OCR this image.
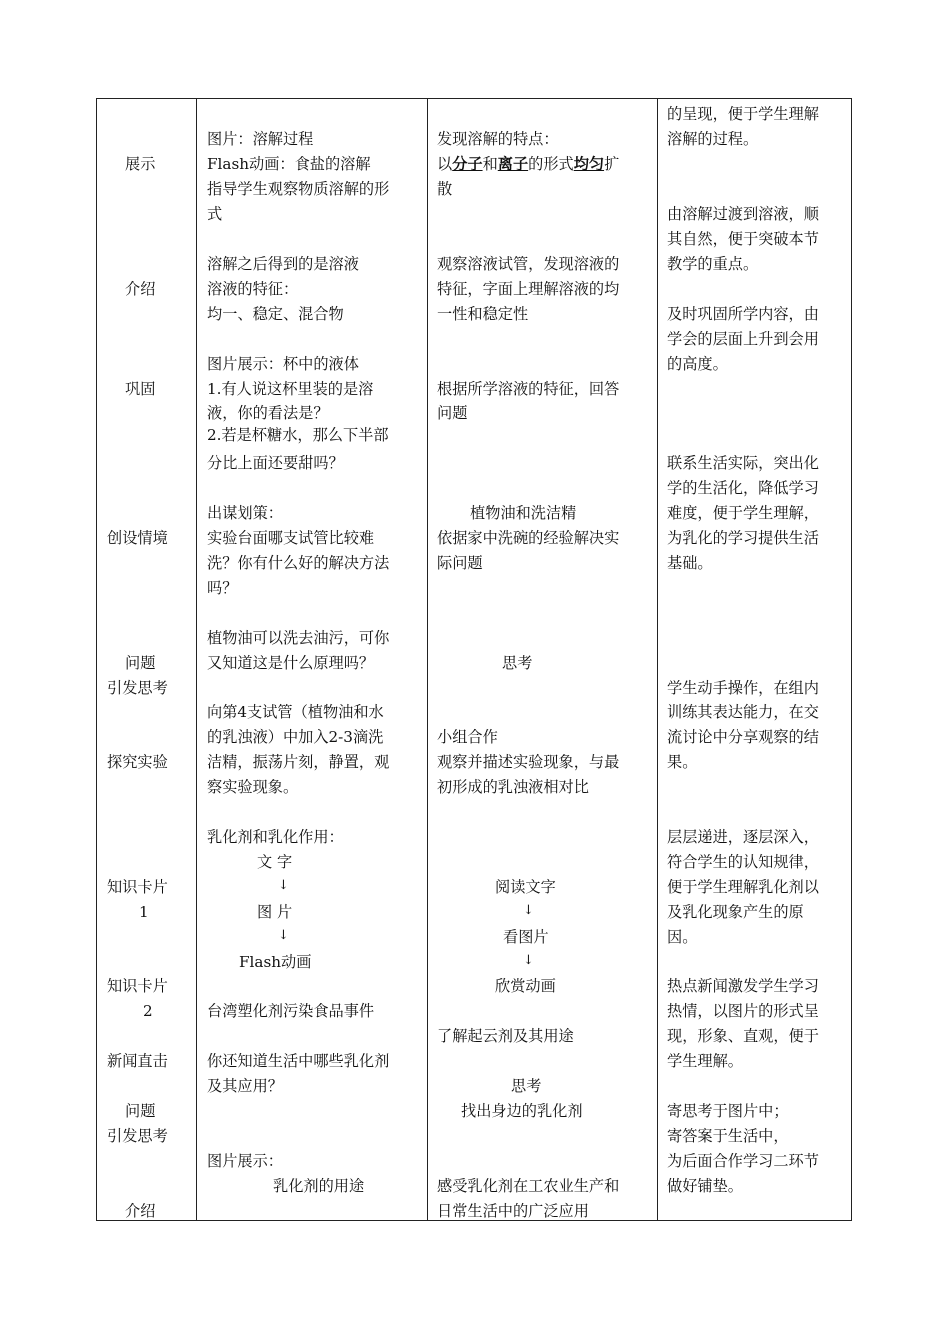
展示
介绍
巩固
创设情境
问题
引发思考
探究实验
知识卡片
1
知识卡片
2
新闻直击
问题
引发思考
介绍
图片：溶解过程
Flash动画：食盐的溶解
指导学生观察物质溶解的形
式
溶解之后得到的是溶液
溶液的特征：
均一、稳定、混合物
图片展示：杯中的液体
1.有人说这杯里装的是溶
液，你的看法是？
2.若是杯糖水，那么下半部
分比上面还要甜吗？
出谋划策：
实验台面哪支试管比较难
洗？你有什么好的解决方法
吗？
植物油可以洗去油污，可你
又知道这是什么原理吗？
向第4支试管（植物油和水
的乳浊液）中加入2-3滴洗
洁精，振荡片刻，静置，观
察实验现象。
乳化剂和乳化作用：
文 字
↓
图 片
↓
Flash动画
台湾塑化剂污染食品事件
你还知道生活中哪些乳化剂
及其应用？
图片展示：
乳化剂的用途
发现溶解的特点：
以分子和离子的形式均匀扩
散
观察溶液试管，发现溶液的
特征，字面上理解溶液的均
一性和稳定性
根据所学溶液的特征，回答
问题
植物油和洗洁精
依据家中洗碗的经验解决实
际问题
思考
小组合作
观察并描述实验现象，与最
初形成的乳浊液相对比
阅读文字
↓
看图片
↓
欣赏动画
了解起云剂及其用途
思考
找出身边的乳化剂
感受乳化剂在工农业生产和
日常生活中的广泛应用
的呈现，便于学生理解
溶解的过程。
由溶解过渡到溶液，顺
其自然，便于突破本节
教学的重点。
及时巩固所学内容，由
学会的层面上升到会用
的高度。
联系生活实际，突出化
学的生活化，降低学习
难度，便于学生理解，
为乳化的学习提供生活
基础。
学生动手操作，在组内
训练其表达能力，在交
流讨论中分享观察的结
果。
层层递进，逐层深入，
符合学生的认知规律，
便于学生理解乳化剂以
及乳化现象产生的原
因。
热点新闻激发学生学习
热情，以图片的形式呈
现，形象、直观，便于
学生理解。
寄思考于图片中；
寄答案于生活中，
为后面合作学习二环节
做好铺垫。
